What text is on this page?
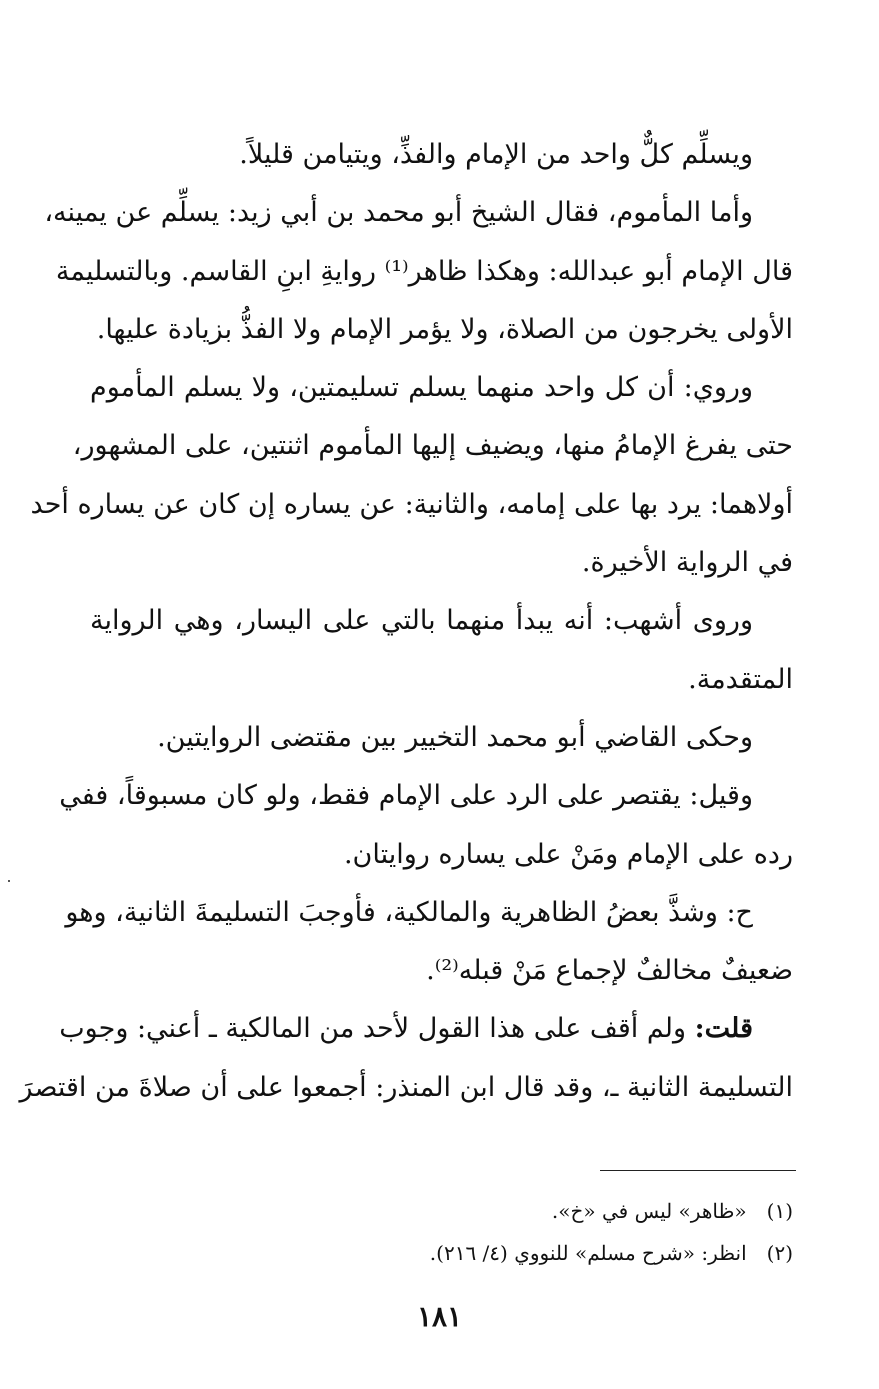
ويسلِّم كلٌّ واحد من الإمام والفذِّ، ويتيامن قليلاً.
وأما المأموم، فقال الشيخ أبو محمد بن أبي زيد: يسلِّم عن يمينه،
قال الإمام أبو عبدالله: وهكذا ظاهر⁽¹⁾ روايةِ ابنِ القاسم. وبالتسليمة
الأولى يخرجون من الصلاة، ولا يؤمر الإمام ولا الفذُّ بزيادة عليها.
وروي: أن كل واحد منهما يسلم تسليمتين، ولا يسلم المأموم
حتى يفرغ الإمامُ منها، ويضيف إليها المأموم اثنتين، على المشهور،
أولاهما: يرد بها على إمامه، والثانية: عن يساره إن كان عن يساره أحد
في الرواية الأخيرة.
وروى أشهب: أنه يبدأ منهما بالتي على اليسار، وهي الرواية
المتقدمة.
وحكى القاضي أبو محمد التخيير بين مقتضى الروايتين.
وقيل: يقتصر على الرد على الإمام فقط، ولو كان مسبوقاً، ففي
رده على الإمام ومَنْ على يساره روايتان.
ح: وشذَّ بعضُ الظاهرية والمالكية، فأوجبَ التسليمةَ الثانية، وهو
ضعيفٌ مخالفٌ لإجماع مَنْ قبله⁽²⁾.
قلت: ولم أقف على هذا القول لأحد من المالكية ـ أعني: وجوب
التسليمة الثانية ـ، وقد قال ابن المنذر: أجمعوا على أن صلاةَ من اقتصرَ
(١) «ظاهر» ليس في «خ».
(٢) انظر: «شرح مسلم» للنووي (٤/ ٢١٦).
١٨١
